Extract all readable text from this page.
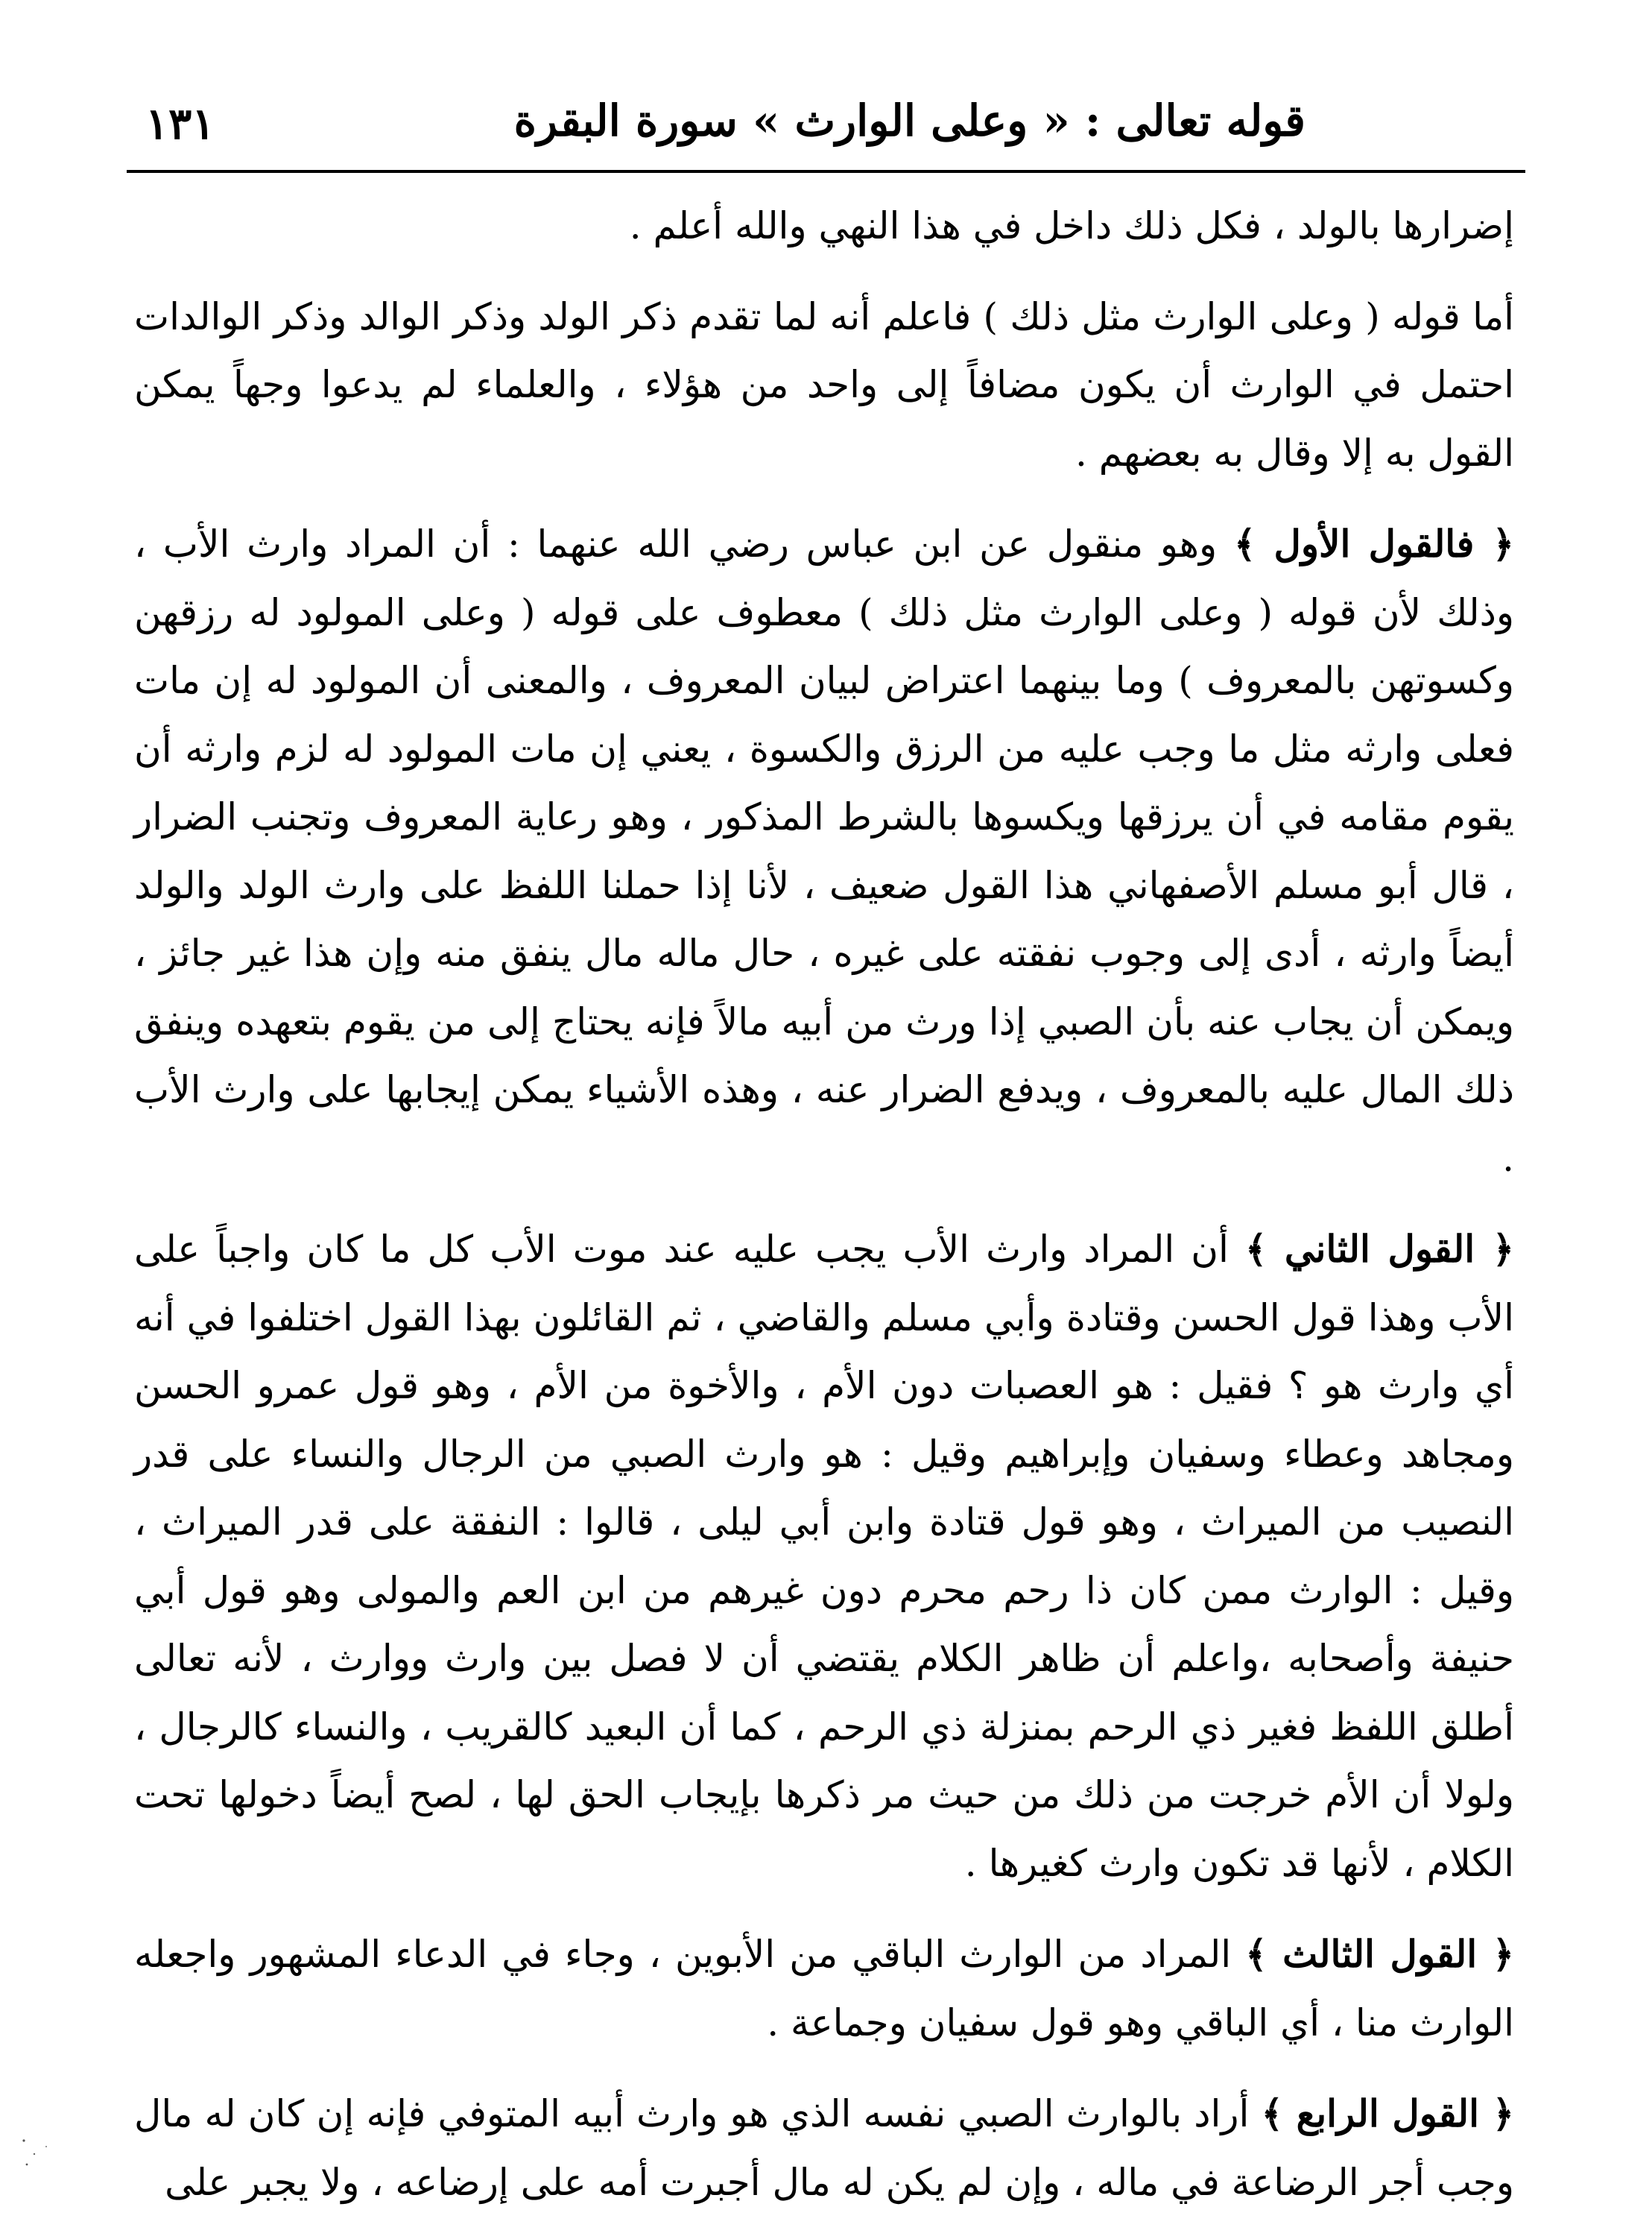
قوله تعالى : « وعلى الوارث » سورة البقرة
١٣١

إضرارها بالولد ، فكل ذلك داخل في هذا النهي والله أعلم .

أما قوله ( وعلى الوارث مثل ذلك ) فاعلم أنه لما تقدم ذكر الولد وذكر الوالد وذكر الوالدات احتمل في الوارث أن يكون مضافاً إلى واحد من هؤلاء ، والعلماء لم يدعوا وجهاً يمكن القول به إلا وقال به بعضهم .

﴿ فالقول الأول ﴾ وهو منقول عن ابن عباس رضي الله عنهما : أن المراد وارث الأب ، وذلك لأن قوله ( وعلى الوارث مثل ذلك ) معطوف على قوله ( وعلى المولود له رزقهن وكسوتهن بالمعروف ) وما بينهما اعتراض لبيان المعروف ، والمعنى أن المولود له إن مات فعلى وارثه مثل ما وجب عليه من الرزق والكسوة ، يعني إن مات المولود له لزم وارثه أن يقوم مقامه في أن يرزقها ويكسوها بالشرط المذكور ، وهو رعاية المعروف وتجنب الضرار ، قال أبو مسلم الأصفهاني هذا القول ضعيف ، لأنا إذا حملنا اللفظ على وارث الولد والولد أيضاً وارثه ، أدى إلى وجوب نفقته على غيره ، حال ماله مال ينفق منه وإن هذا غير جائز ، ويمكن أن يجاب عنه بأن الصبي إذا ورث من أبيه مالاً فإنه يحتاج إلى من يقوم بتعهده وينفق ذلك المال عليه بالمعروف ، ويدفع الضرار عنه ، وهذه الأشياء يمكن إيجابها على وارث الأب .

﴿ القول الثاني ﴾ أن المراد وارث الأب يجب عليه عند موت الأب كل ما كان واجباً على الأب وهذا قول الحسن وقتادة وأبي مسلم والقاضي ، ثم القائلون بهذا القول اختلفوا في أنه أي وارث هو ؟ فقيل : هو العصبات دون الأم ، والأخوة من الأم ، وهو قول عمرو الحسن ومجاهد وعطاء وسفيان وإبراهيم وقيل : هو وارث الصبي من الرجال والنساء على قدر النصيب من الميراث ، وهو قول قتادة وابن أبي ليلى ، قالوا : النفقة على قدر الميراث ، وقيل : الوارث ممن كان ذا رحم محرم دون غيرهم من ابن العم والمولى وهو قول أبي حنيفة وأصحابه ،واعلم أن ظاهر الكلام يقتضي أن لا فصل بين وارث ووارث ، لأنه تعالى أطلق اللفظ فغير ذي الرحم بمنزلة ذي الرحم ، كما أن البعيد كالقريب ، والنساء كالرجال ، ولولا أن الأم خرجت من ذلك من حيث مر ذكرها بإيجاب الحق لها ، لصح أيضاً دخولها تحت الكلام ، لأنها قد تكون وارث كغيرها .

﴿ القول الثالث ﴾ المراد من الوارث الباقي من الأبوين ، وجاء في الدعاء المشهور واجعله الوارث منا ، أي الباقي وهو قول سفيان وجماعة .

﴿ القول الرابع ﴾ أراد بالوارث الصبي نفسه الذي هو وارث أبيه المتوفي فإنه إن كان له مال وجب أجر الرضاعة في ماله ، وإن لم يكن له مال أجبرت أمه على إرضاعه ، ولا يجبر على
